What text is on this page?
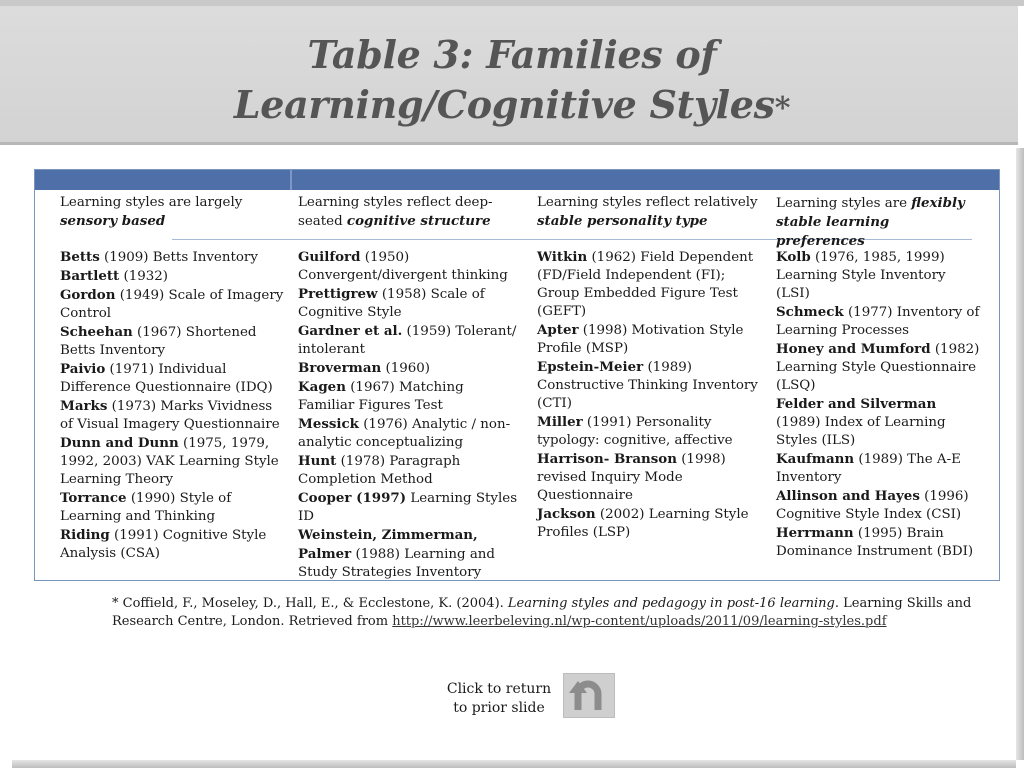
Table 3: Families of
Learning/Cognitive Styles*

Learning styles are largely sensory based

Betts (1909) Betts Inventory

Bartlett (1932)

Gordon (1949) Scale of Imagery Control

Scheehan (1967) Shortened Betts Inventory

Paivio (1971) Individual Difference Questionnaire (IDQ)

Marks (1973) Marks Vividness of Visual Imagery Questionnaire

Dunn and Dunn (1975, 1979, 1992, 2003) VAK Learning Style Learning Theory

Torrance (1990) Style of Learning and Thinking

Riding (1991) Cognitive Style Analysis (CSA)

Learning styles reflect deep-seated cognitive structure

Guilford (1950) Convergent/divergent thinking

Prettigrew (1958) Scale of Cognitive Style

Gardner et al. (1959) Tolerant/ intolerant

Broverman (1960)

Kagen (1967) Matching Familiar Figures Test

Messick (1976) Analytic / non-analytic conceptualizing

Hunt (1978) Paragraph Completion Method

Cooper (1997) Learning Styles ID

Weinstein, Zimmerman, Palmer (1988) Learning and Study Strategies Inventory

Learning styles reflect relatively stable personality type

Witkin (1962) Field Dependent (FD/Field Independent (FI); Group Embedded Figure Test (GEFT)

Apter (1998) Motivation Style Profile (MSP)

Epstein-Meier (1989) Constructive Thinking Inventory (CTI)

Miller (1991) Personality typology: cognitive, affective

Harrison- Branson (1998) revised Inquiry Mode Questionnaire

Jackson (2002) Learning Style Profiles (LSP)

Learning styles are flexibly stable learning preferences

Kolb (1976, 1985, 1999) Learning Style Inventory (LSI)

Schmeck (1977) Inventory of Learning Processes

Honey and Mumford (1982) Learning Style Questionnaire (LSQ)

Felder and Silverman (1989) Index of Learning Styles (ILS)

Kaufmann (1989) The A-E Inventory

Allinson and Hayes (1996) Cognitive Style Index (CSI)

Herrmann (1995) Brain Dominance Instrument (BDI)

* Coffield, F., Moseley, D., Hall, E., & Ecclestone, K. (2004). Learning styles and pedagogy in post-16 learning. Learning Skills and Research Centre, London. Retrieved from http://www.leerbeleving.nl/wp-content/uploads/2011/09/learning-styles.pdf
Click to return
to prior slide
